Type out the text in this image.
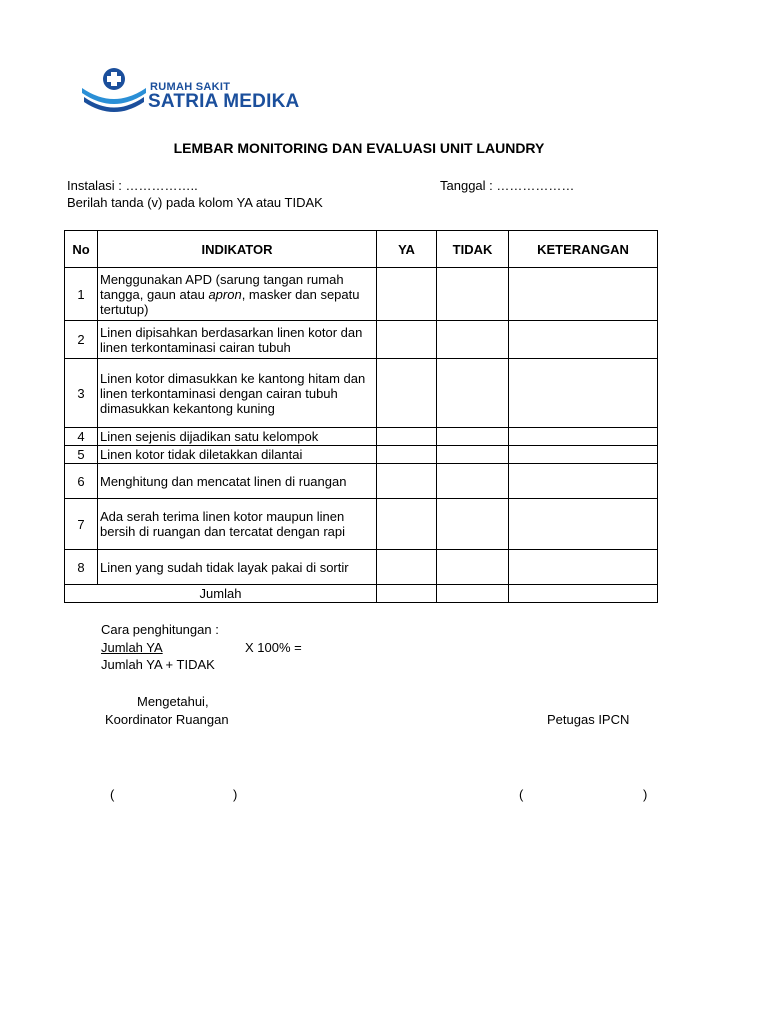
RUMAH SAKIT
SATRIA MEDIKA
LEMBAR MONITORING DAN EVALUASI UNIT LAUNDRY
Instalasi : ……………..	Tanggal : ………………
Berilah tanda (v) pada kolom YA atau TIDAK
No	INDIKATOR	YA	TIDAK	KETERANGAN
1	Menggunakan APD (sarung tangan rumah tangga, gaun atau apron, masker dan sepatu tertutup)			
2	Linen dipisahkan berdasarkan linen kotor dan linen terkontaminasi cairan tubuh			
3	Linen kotor dimasukkan ke kantong hitam dan linen terkontaminasi dengan cairan tubuh dimasukkan kekantong kuning			
4	Linen sejenis dijadikan satu kelompok			
5	Linen kotor tidak diletakkan dilantai			
6	Menghitung dan mencatat linen di ruangan			
7	Ada serah terima linen kotor maupun linen bersih di ruangan dan tercatat dengan rapi			
8	Linen yang sudah tidak layak pakai di sortir			
Jumlah				
Cara penghitungan :
Jumlah YA	X 100% =
Jumlah YA + TIDAK
Mengetahui,
Koordinator Ruangan	Petugas IPCN
(	)	(	)
